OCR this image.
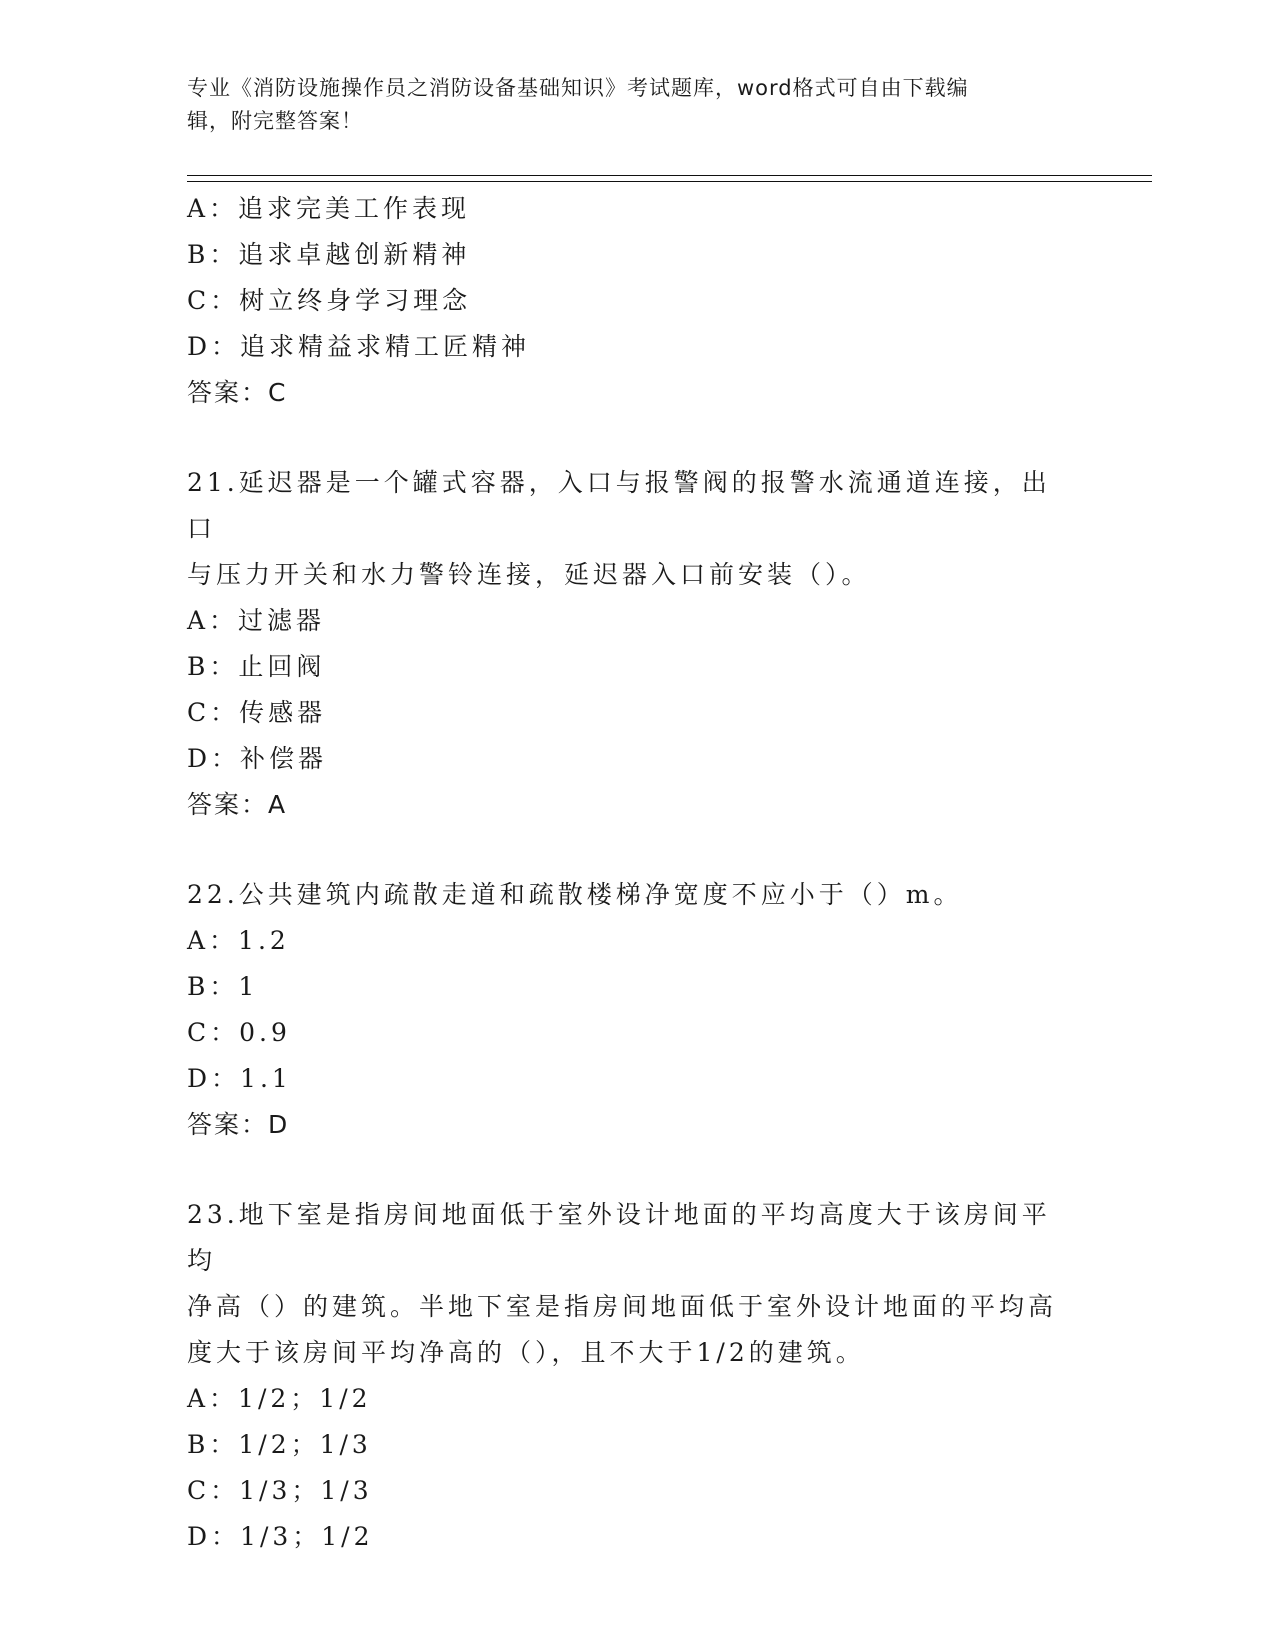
专业《消防设施操作员之消防设备基础知识》考试题库，word格式可自由下载编
辑，附完整答案！
A：追求完美工作表现
B：追求卓越创新精神
C：树立终身学习理念
D：追求精益求精工匠精神
答案：C
21.延迟器是一个罐式容器，入口与报警阀的报警水流通道连接，出口
与压力开关和水力警铃连接，延迟器入口前安装（）。
A：过滤器
B：止回阀
C：传感器
D：补偿器
答案：A
22.公共建筑内疏散走道和疏散楼梯净宽度不应小于（）m。
A：1.2
B：1
C：0.9
D：1.1
答案：D
23.地下室是指房间地面低于室外设计地面的平均高度大于该房间平均
净高（）的建筑。半地下室是指房间地面低于室外设计地面的平均高
度大于该房间平均净高的（），且不大于1/2的建筑。
A：1/2；1/2
B：1/2；1/3
C：1/3；1/3
D：1/3；1/2
